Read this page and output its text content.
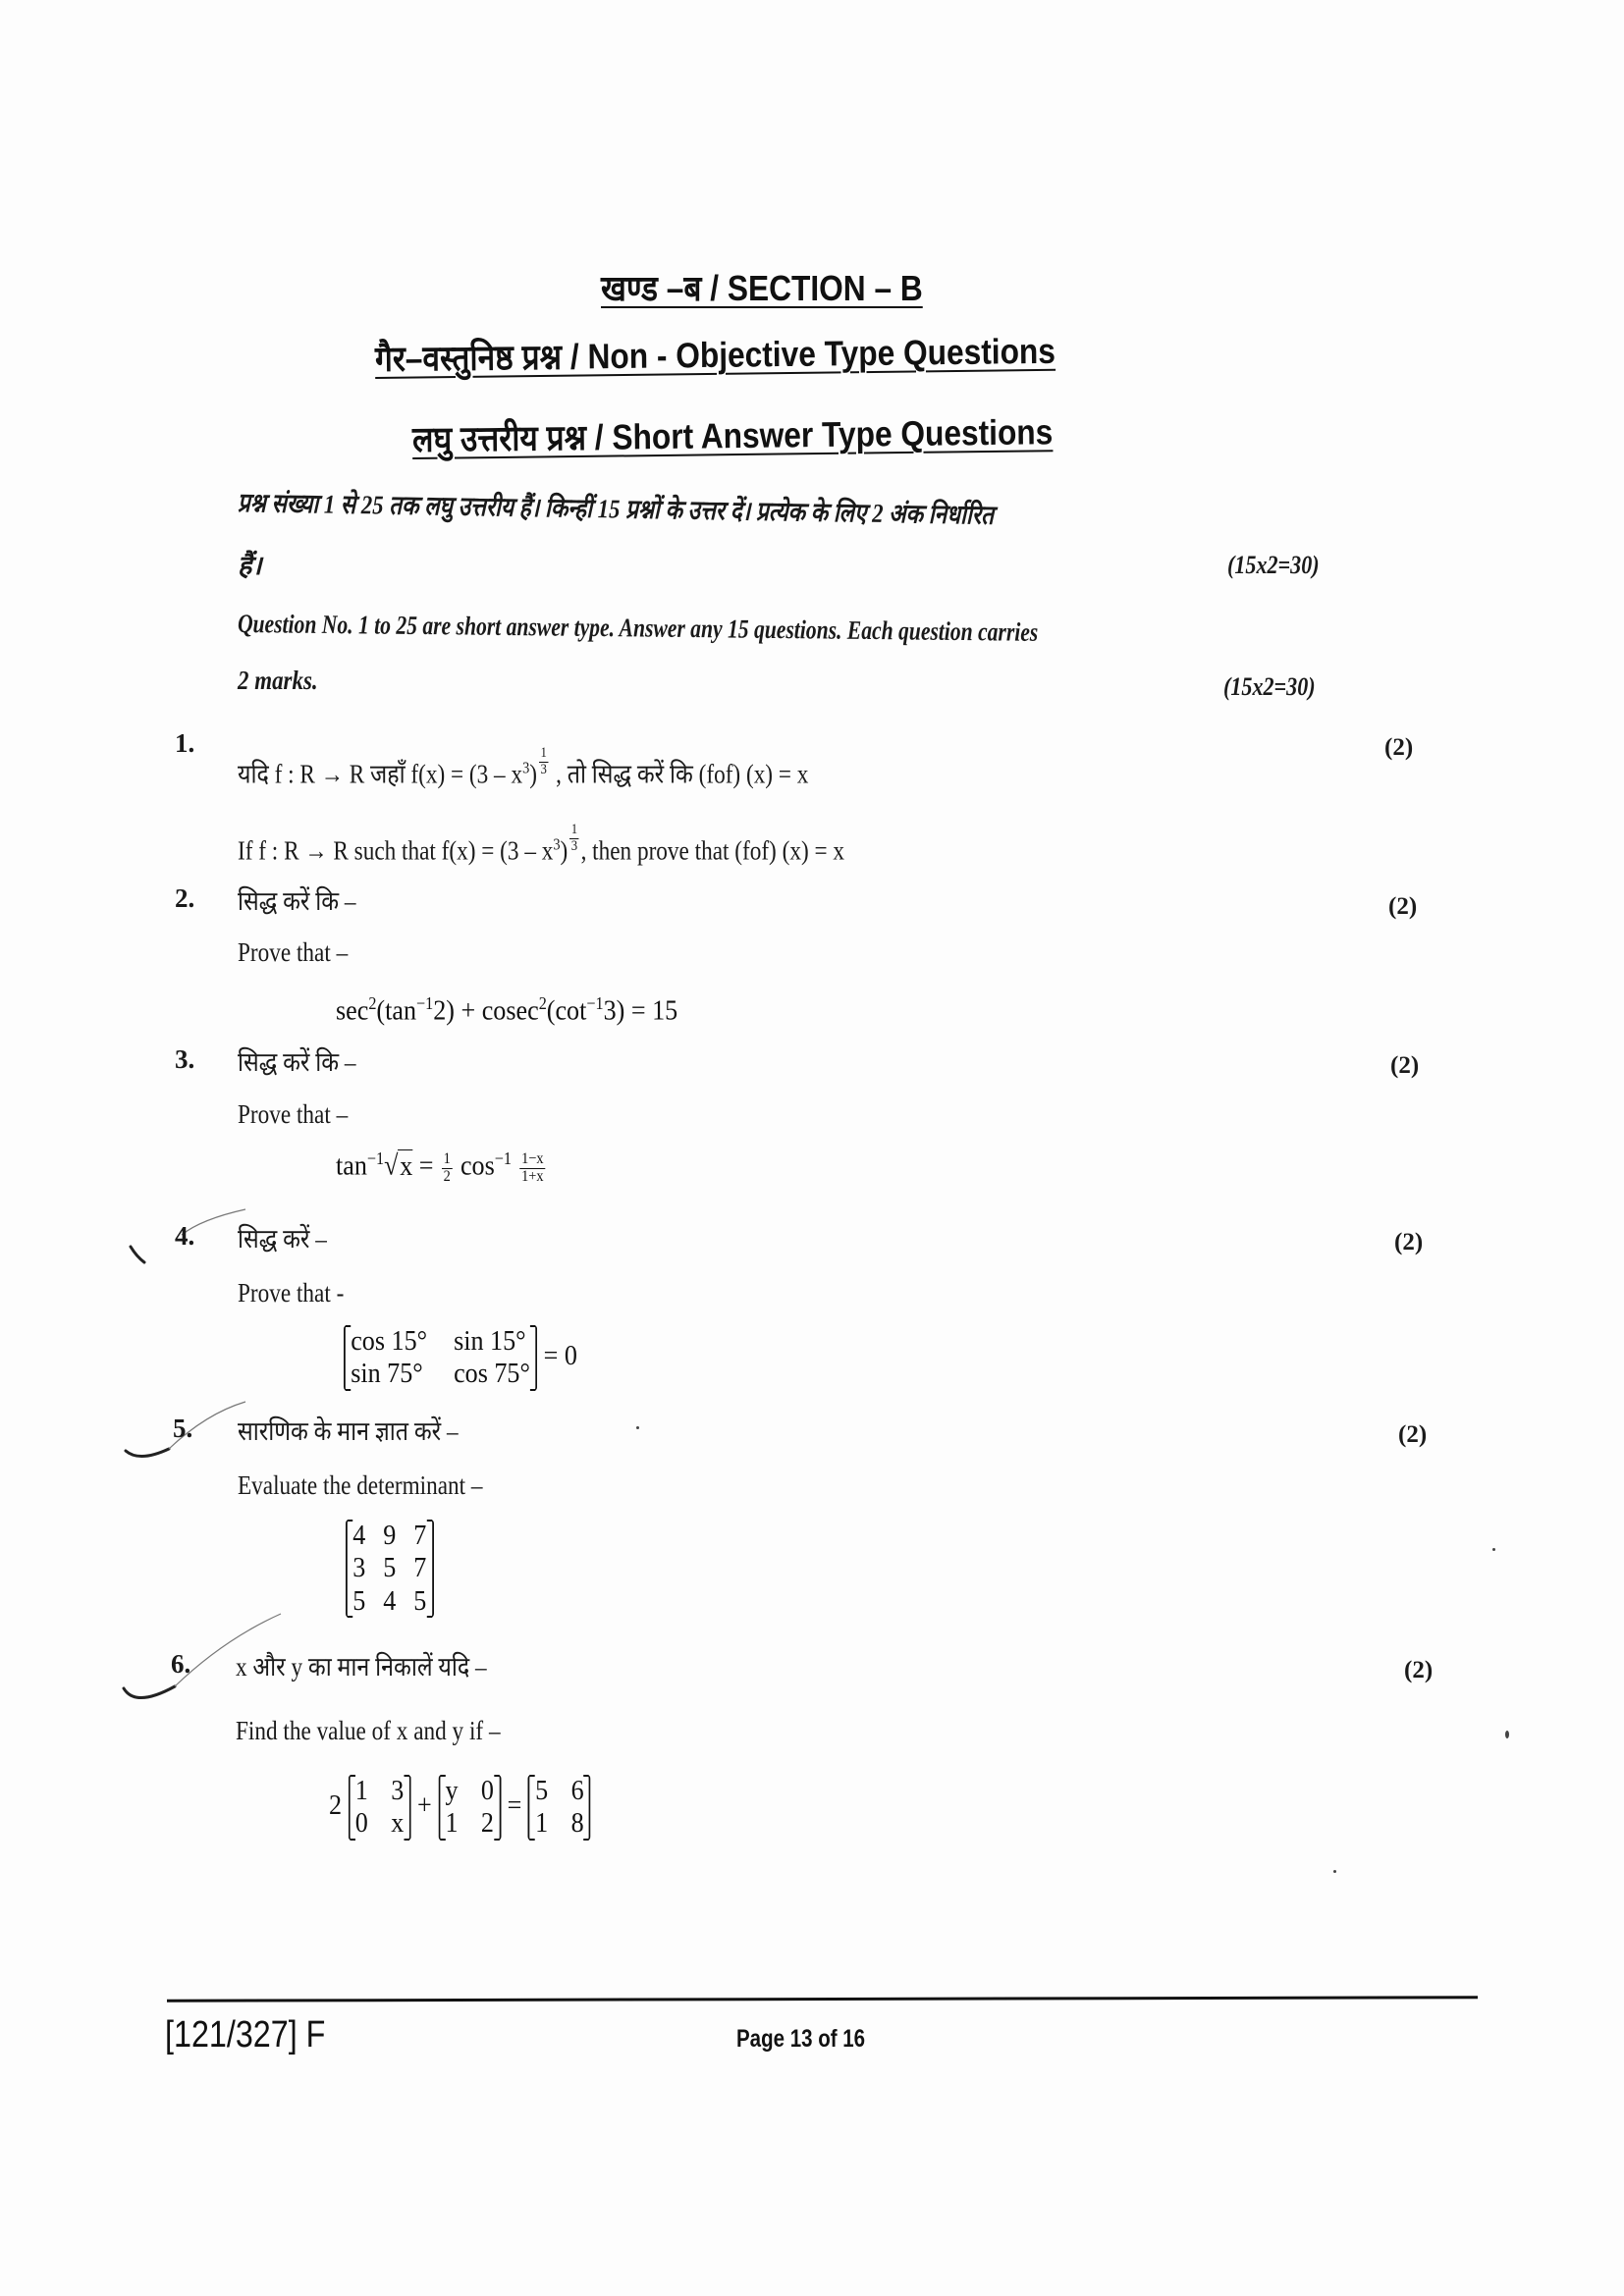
खण्ड –ब / SECTION – B
गैर–वस्तुनिष्ठ प्रश्न / Non - Objective Type Questions
लघु उत्तरीय प्रश्न / Short Answer Type Questions
प्रश्न संख्या 1 से 25 तक लघु उत्तरीय हैं। किन्हीं 15 प्रश्नों के उत्तर दें। प्रत्येक के लिए 2 अंक निर्धारित
हैं।	(15x2=30)
Question No. 1 to 25 are short answer type. Answer any 15 questions. Each question carries
2 marks.	(15x2=30)
1.	(2)
यदि f : R → R जहाँ $f(x) = (3 - x^3) \frac{1}{3}$ , तो सिद्ध करें कि (fof) (x) = x
If f : R → R such that $f(x) = (3 - x^3) \frac{1}{3}$ , then prove that (fof) (x) = x
2.	(2)
सिद्ध करें कि –
Prove that –
$\sec^2(\tan^{-1}2) + cosec^2(\cot^{-1}3) = 15$
3.	(2)
सिद्ध करें कि –
Prove that –
$\tan^{-1}√x = \frac{1}{2} \cos^{-1} \frac{1-x}{1+x}$
4.	(2)
सिद्ध करें –
Prove that -
cos 15° sin 15°
sin 75° cos 75°
= 0
5.	(2)
सारणिक के मान ज्ञात करें –
Evaluate the determinant –
4 9 7
3 5 7
5 4 5
6.	(2)
x और y का मान निकालें यदि –
Find the value of x and y if –
2 1 3
0 x
+ y 0
1 2
= 5 6
1 8
[121/327] F	Page 13 of 16
